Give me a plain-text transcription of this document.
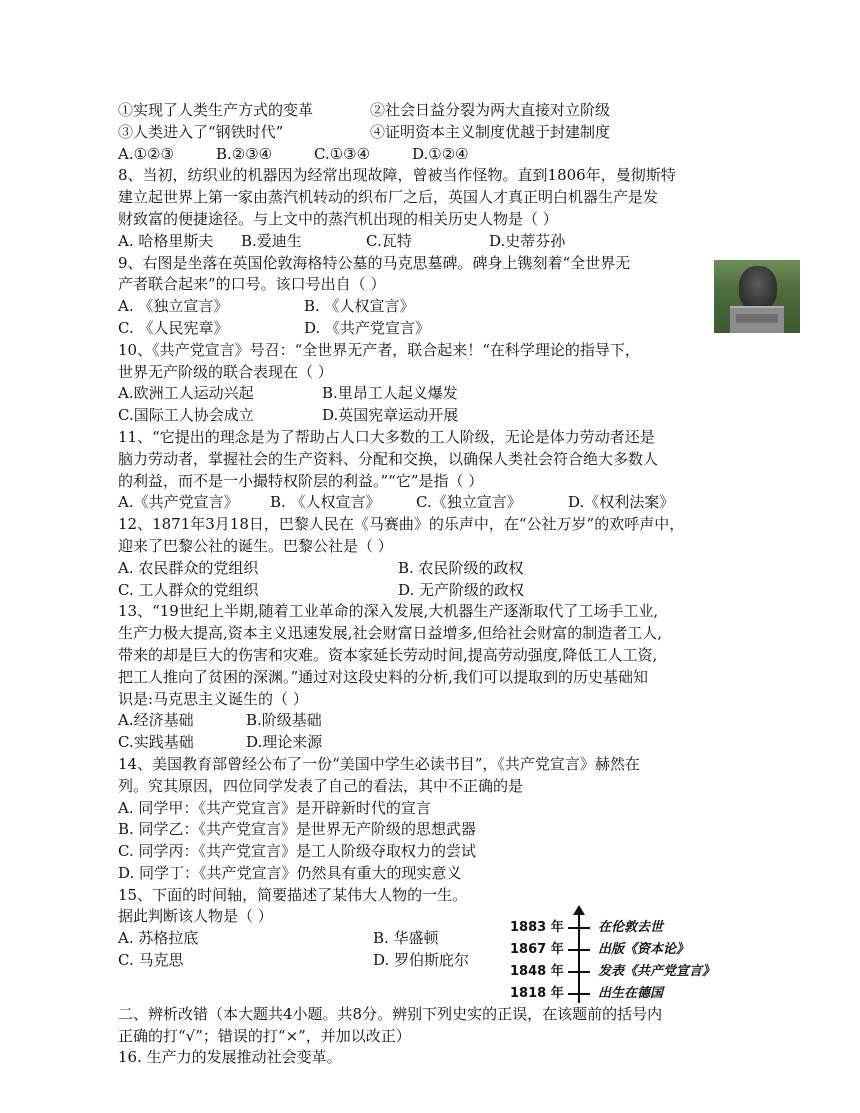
①实现了人类生产方式的变革	②社会日益分裂为两大直接对立阶级
③人类进入了“钢铁时代”	④证明资本主义制度优越于封建制度
A.①②③	B.②③④	C.①③④	D.①②④
8、当初，纺织业的机器因为经常出现故障，曾被当作怪物。直到1806年，曼彻斯特
建立起世界上第一家由蒸汽机转动的织布厂之后，英国人才真正明白机器生产是发
财致富的便捷途径。与上文中的蒸汽机出现的相关历史人物是（ ）
A. 哈格里斯夫 B.爱迪生	C.瓦特	D.史蒂芬孙
9、右图是坐落在英国伦敦海格特公墓的马克思墓碑。碑身上镌刻着“全世界无
产者联合起来”的口号。该口号出自（ ）
A. 《独立宣言》	B. 《人权宣言》
C. 《人民宪章》	D. 《共产党宣言》
10、《共产党宣言》号召：“全世界无产者，联合起来！“在科学理论的指导下，
世界无产阶级的联合表现在（ ）
A.欧洲工人运动兴起	B.里昂工人起义爆发
C.国际工人协会成立	D.英国宪章运动开展
11、“它提出的理念是为了帮助占人口大多数的工人阶级，无论是体力劳动者还是
脑力劳动者，掌握社会的生产资料、分配和交换，以确保人类社会符合绝大多数人
的利益，而不是一小撮特权阶层的利益。”“它”是指（ ）
A.《共产党宣言》 B. 《人权宣言》 C.《独立宣言》	D.《权利法案》
12、1871年3月18日，巴黎人民在《马赛曲》的乐声中，在“公社万岁”的欢呼声中，
迎来了巴黎公社的诞生。巴黎公社是（ ）
A. 农民群众的党组织	B. 农民阶级的政权
C. 工人群众的党组织	D. 无产阶级的政权
13、“19世纪上半期,随着工业革命的深入发展,大机器生产逐渐取代了工场手工业,
生产力极大提高,资本主义迅速发展,社会财富日益增多,但给社会财富的制造者工人,
带来的却是巨大的伤害和灾难。资本家延长劳动时间,提高劳动强度,降低工人工资,
把工人推向了贫困的深渊。”通过对这段史料的分析,我们可以提取到的历史基础知
识是:马克思主义诞生的（ ）
A.经济基础	B.阶级基础
C.实践基础	D.理论来源
14、美国教育部曾经公布了一份“美国中学生必读书目”，《共产党宣言》赫然在
列。究其原因，四位同学发表了自己的看法，其中不正确的是
A. 同学甲：《共产党宣言》是开辟新时代的宣言
B. 同学乙：《共产党宣言》是世界无产阶级的思想武器
C. 同学丙：《共产党宣言》是工人阶级夺取权力的尝试
D. 同学丁：《共产党宣言》仍然具有重大的现实意义
15、下面的时间轴，简要描述了某伟大人物的一生。
据此判断该人物是（ ）
A. 苏格拉底	B. 华盛顿
C. 马克思	D. 罗伯斯庇尔
二、辨析改错（本大题共4小题。共8分。辨别下列史实的正误，在该题前的括号内
正确的打“√”；错误的打“×”，并加以改正）
16. 生产力的发展推动社会变革。
1883 年	在伦敦去世
1867 年	出版《资本论》
1848 年	发表《共产党宣言》
1818 年	出生在德国
